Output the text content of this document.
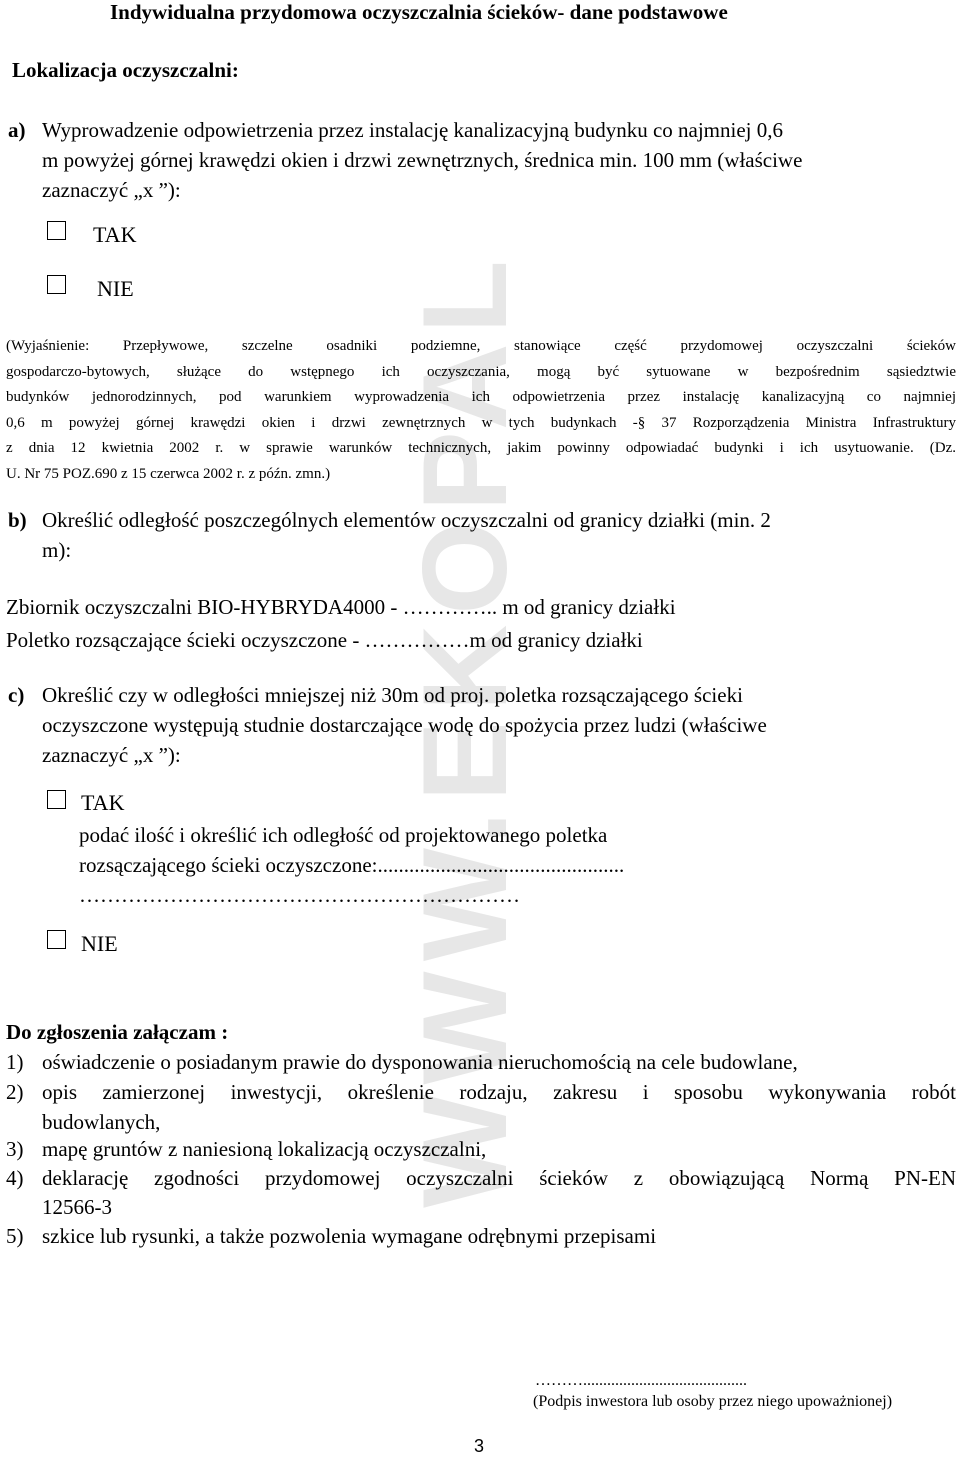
WWW.EKOPAL
Indywidualna przydomowa oczyszczalnia ścieków- dane podstawowe
Lokalizacja oczyszczalni:
a) Wyprowadzenie odpowietrzenia przez instalację kanalizacyjną budynku co najmniej 0,6
m powyżej górnej krawędzi okien i drzwi zewnętrznych, średnica min. 100 mm (właściwe
zaznaczyć „x ”):
TAK
NIE
(Wyjaśnienie: Przepływowe, szczelne osadniki podziemne, stanowiące część przydomowej oczyszczalni ścieków
gospodarczo-bytowych, służące do wstępnego ich oczyszczania, mogą być sytuowane w bezpośrednim sąsiedztwie
budynków jednorodzinnych, pod warunkiem wyprowadzenia ich odpowietrzenia przez instalację kanalizacyjną co najmniej
0,6 m powyżej górnej krawędzi okien i drzwi zewnętrznych w tych budynkach -§ 37 Rozporządzenia Ministra Infrastruktury
z dnia 12 kwietnia 2002 r. w sprawie warunków technicznych, jakim powinny odpowiadać budynki i ich usytuowanie. (Dz.
U. Nr 75 POZ.690 z 15 czerwca 2002 r. z późn. zmn.)
b) Określić odległość poszczególnych elementów oczyszczalni od granicy działki (min. 2
m):
Zbiornik oczyszczalni BIO-HYBRYDA4000 - ………….. m od granicy działki
Poletko rozsączające ścieki oczyszczone - ……………m od granicy działki
c) Określić czy w odległości mniejszej niż 30m od proj. poletka rozsączającego ścieki
oczyszczone występują studnie dostarczające wodę do spożycia przez ludzi (właściwe
zaznaczyć „x ”):
TAK
podać ilość i określić ich odległość od projektowanego poletka
rozsączającego ścieki oczyszczone:...............................................
………………………………………………………
NIE
Do zgłoszenia załączam :
1) oświadczenie o posiadanym prawie do dysponowania nieruchomością na cele budowlane,
2) opis zamierzonej inwestycji, określenie rodzaju, zakresu i sposobu wykonywania robót
budowlanych,
3) mapę gruntów z naniesioną lokalizacją oczyszczalni,
4) deklarację zgodności przydomowej oczyszczalni ścieków z obowiązującą Normą PN-EN
12566-3
5) szkice lub rysunki, a także pozwolenia wymagane odrębnymi przepisami
……….........................................
(Podpis inwestora lub osoby przez niego upoważnionej)
3
